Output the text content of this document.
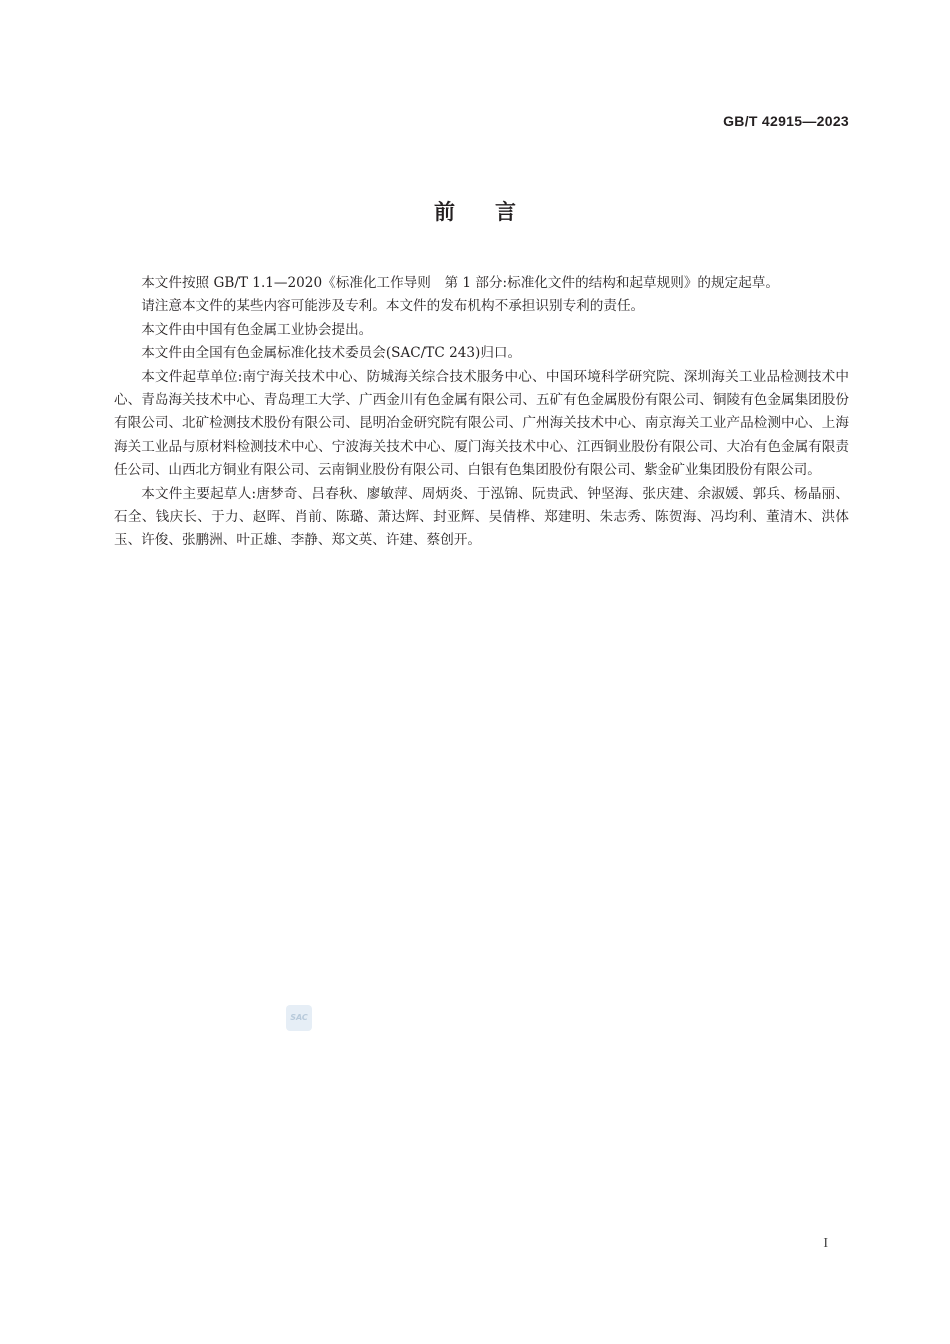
GB/T 42915—2023
前言

本文件按照 GB/T 1.1—2020《标准化工作导则　第 1 部分:标准化文件的结构和起草规则》的规定起草。

请注意本文件的某些内容可能涉及专利。本文件的发布机构不承担识别专利的责任。

本文件由中国有色金属工业协会提出。

本文件由全国有色金属标准化技术委员会(SAC/TC 243)归口。

本文件起草单位:南宁海关技术中心、防城海关综合技术服务中心、中国环境科学研究院、深圳海关工业品检测技术中心、青岛海关技术中心、青岛理工大学、广西金川有色金属有限公司、五矿有色金属股份有限公司、铜陵有色金属集团股份有限公司、北矿检测技术股份有限公司、昆明冶金研究院有限公司、广州海关技术中心、南京海关工业产品检测中心、上海海关工业品与原材料检测技术中心、宁波海关技术中心、厦门海关技术中心、江西铜业股份有限公司、大冶有色金属有限责任公司、山西北方铜业有限公司、云南铜业股份有限公司、白银有色集团股份有限公司、紫金矿业集团股份有限公司。

本文件主要起草人:唐梦奇、吕春秋、廖敏萍、周炳炎、于泓锦、阮贵武、钟坚海、张庆建、余淑媛、郭兵、杨晶丽、石全、钱庆长、于力、赵晖、肖前、陈璐、萧达辉、封亚辉、吴倩桦、郑建明、朱志秀、陈贺海、冯均利、董清木、洪体玉、许俊、张鹏洲、叶正雄、李静、郑文英、许建、蔡创开。

SAC
I
